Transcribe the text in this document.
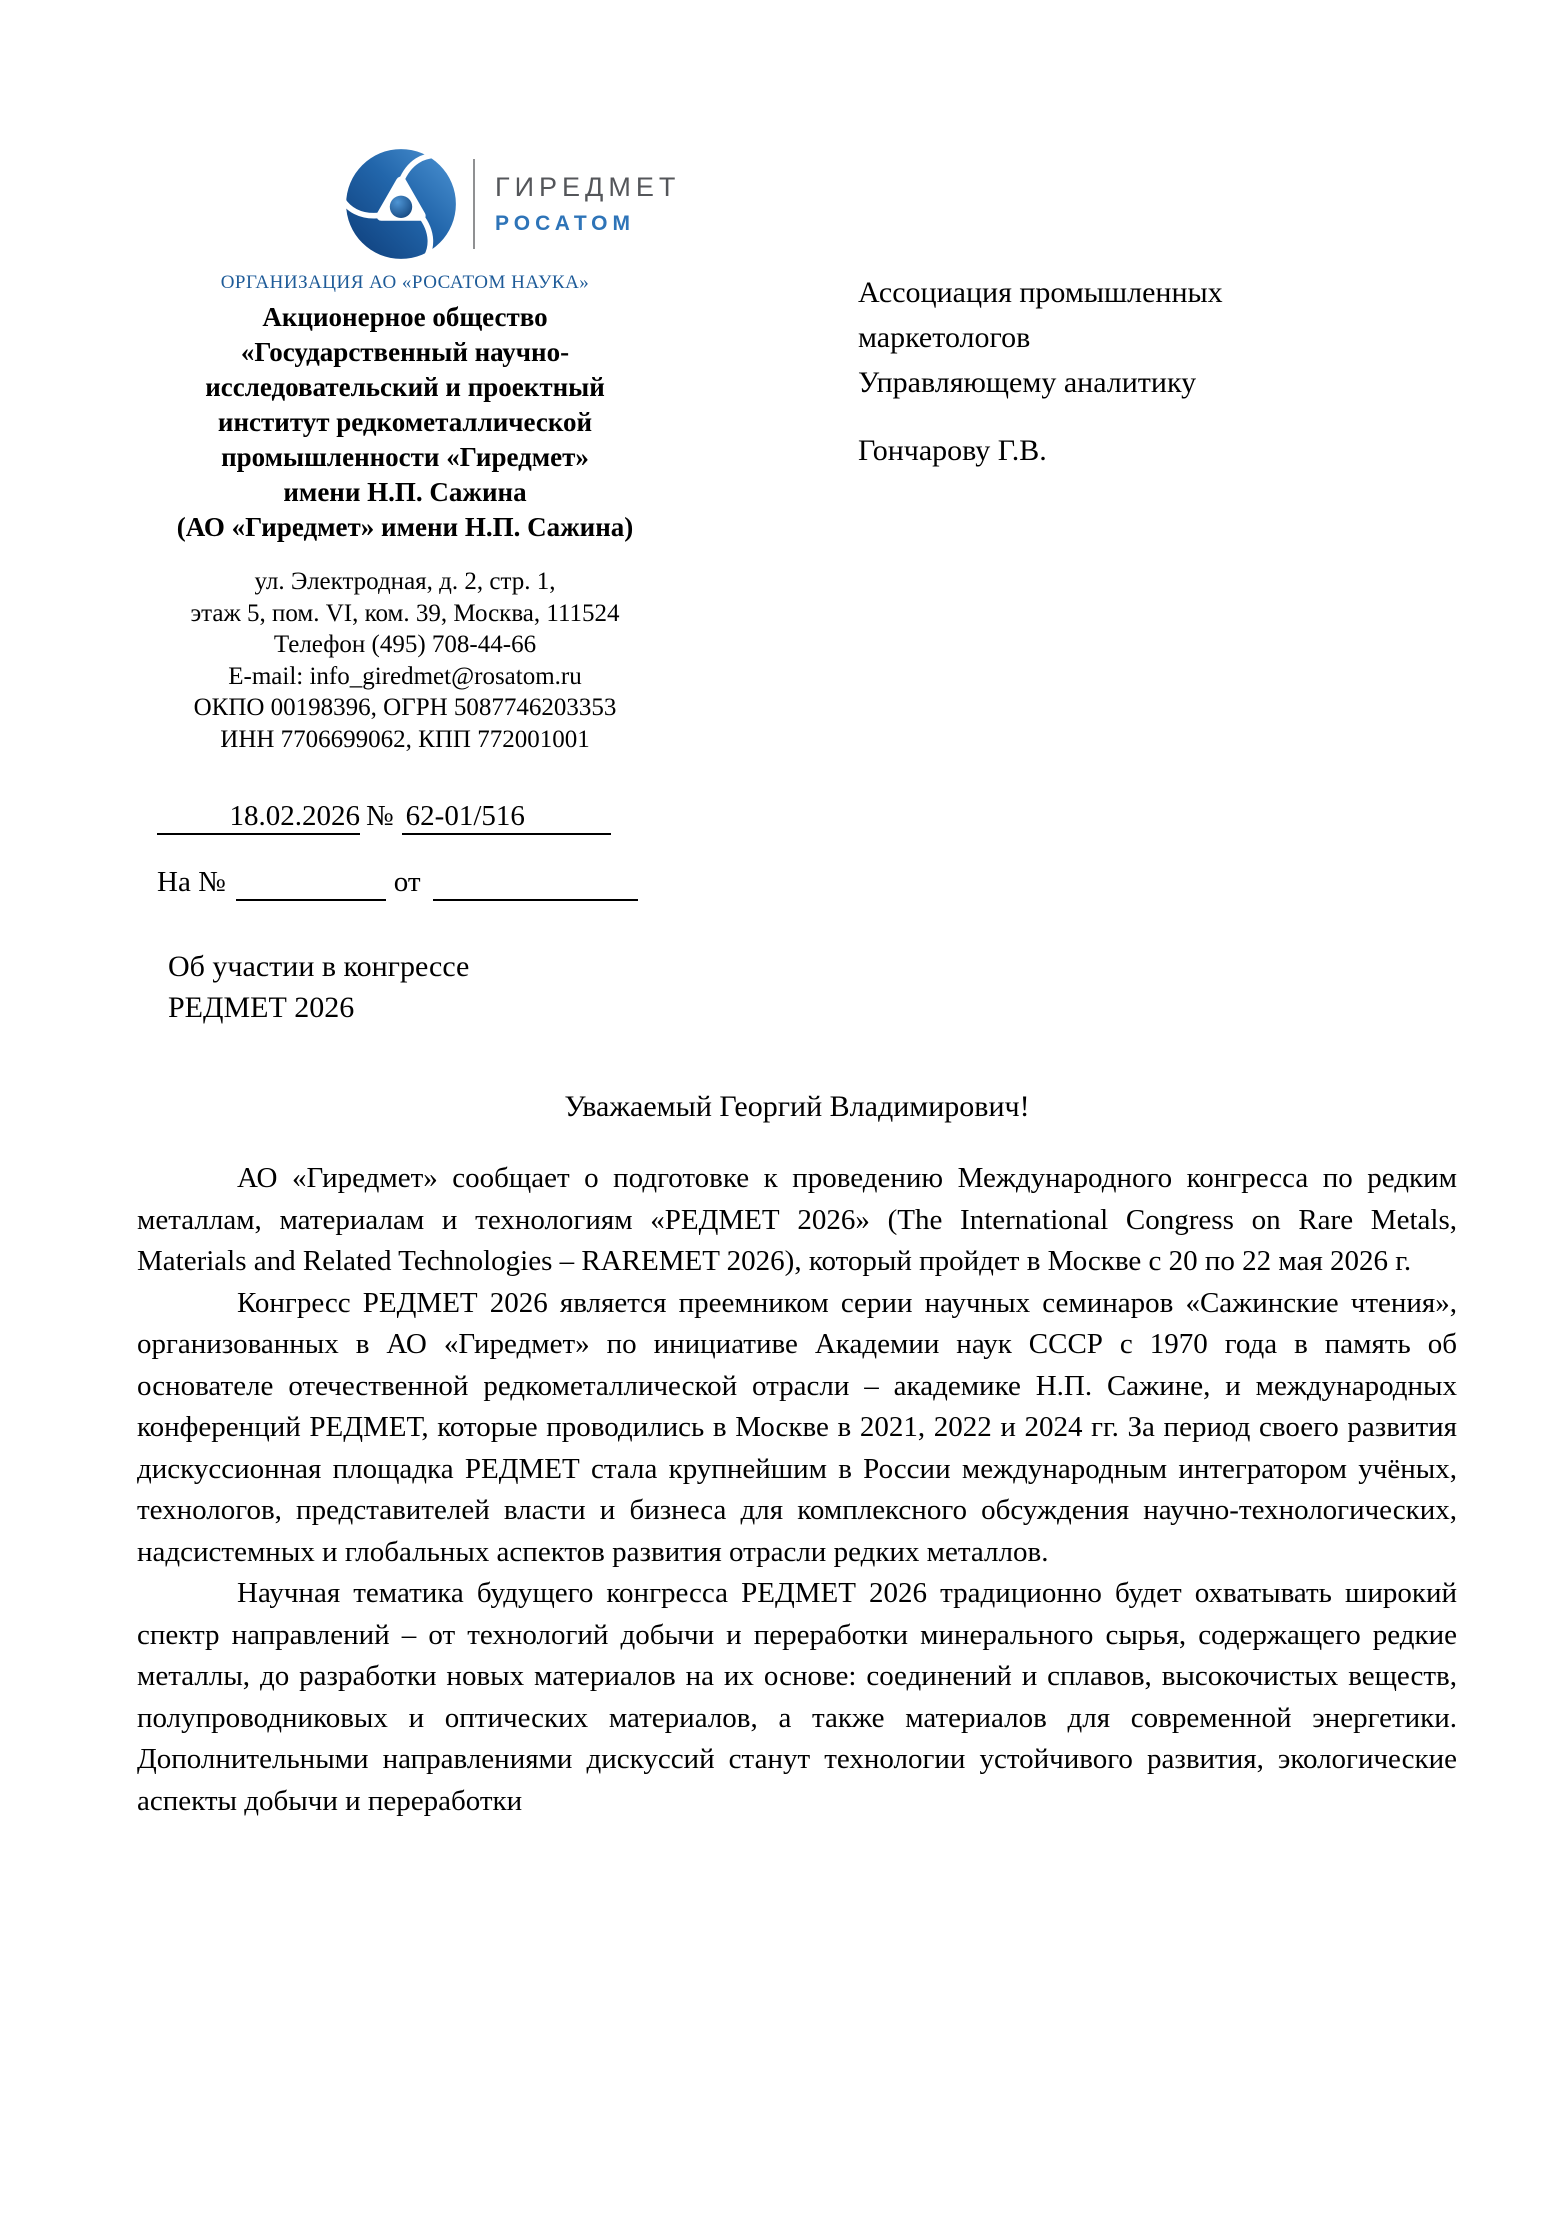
ГИРЕДМЕТ
РОСАТОМ
ОРГАНИЗАЦИЯ АО «РОСАТОМ НАУКА»
Акционерное общество
«Государственный научно-
исследовательский и проектный
институт редкометаллической
промышленности «Гиредмет»
имени Н.П. Сажина
(АО «Гиредмет» имени Н.П. Сажина)
ул. Электродная, д. 2, стр. 1,
этаж 5, пом. VI, ком. 39, Москва, 111524
Телефон (495) 708-44-66
E-mail: info_giredmet@rosatom.ru
ОКПО 00198396, ОГРН 5087746203353
ИНН 7706699062, КПП 772001001
18.02.2026 № 62-01/516
На №	от
Ассоциация промышленных
маркетологов
Управляющему аналитику
Гончарову Г.В.
Об участии в конгрессе
РЕДМЕТ 2026
Уважаемый Георгий Владимирович!

АО «Гиредмет» сообщает о подготовке к проведению Международного конгресса по редким металлам, материалам и технологиям «РЕДМЕТ 2026» (The International Congress on Rare Metals, Materials and Related Technologies – RAREMET 2026), который пройдет в Москве с 20 по 22 мая 2026 г.

Конгресс РЕДМЕТ 2026 является преемником серии научных семинаров «Сажинские чтения», организованных в АО «Гиредмет» по инициативе Академии наук СССР с 1970 года в память об основателе отечественной редкометаллической отрасли – академике Н.П. Сажине, и международных конференций РЕДМЕТ, которые проводились в Москве в 2021, 2022 и 2024 гг. За период своего развития дискуссионная площадка РЕДМЕТ стала крупнейшим в России международным интегратором учёных, технологов, представителей власти и бизнеса для комплексного обсуждения научно-технологических, надсистемных и глобальных аспектов развития отрасли редких металлов.

Научная тематика будущего конгресса РЕДМЕТ 2026 традиционно будет охватывать широкий спектр направлений – от технологий добычи и переработки минерального сырья, содержащего редкие металлы, до разработки новых материалов на их основе: соединений и сплавов, высокочистых веществ, полупроводниковых и оптических материалов, а также материалов для современной энергетики. Дополнительными направлениями дискуссий станут технологии устойчивого развития, экологические аспекты добычи и переработки
